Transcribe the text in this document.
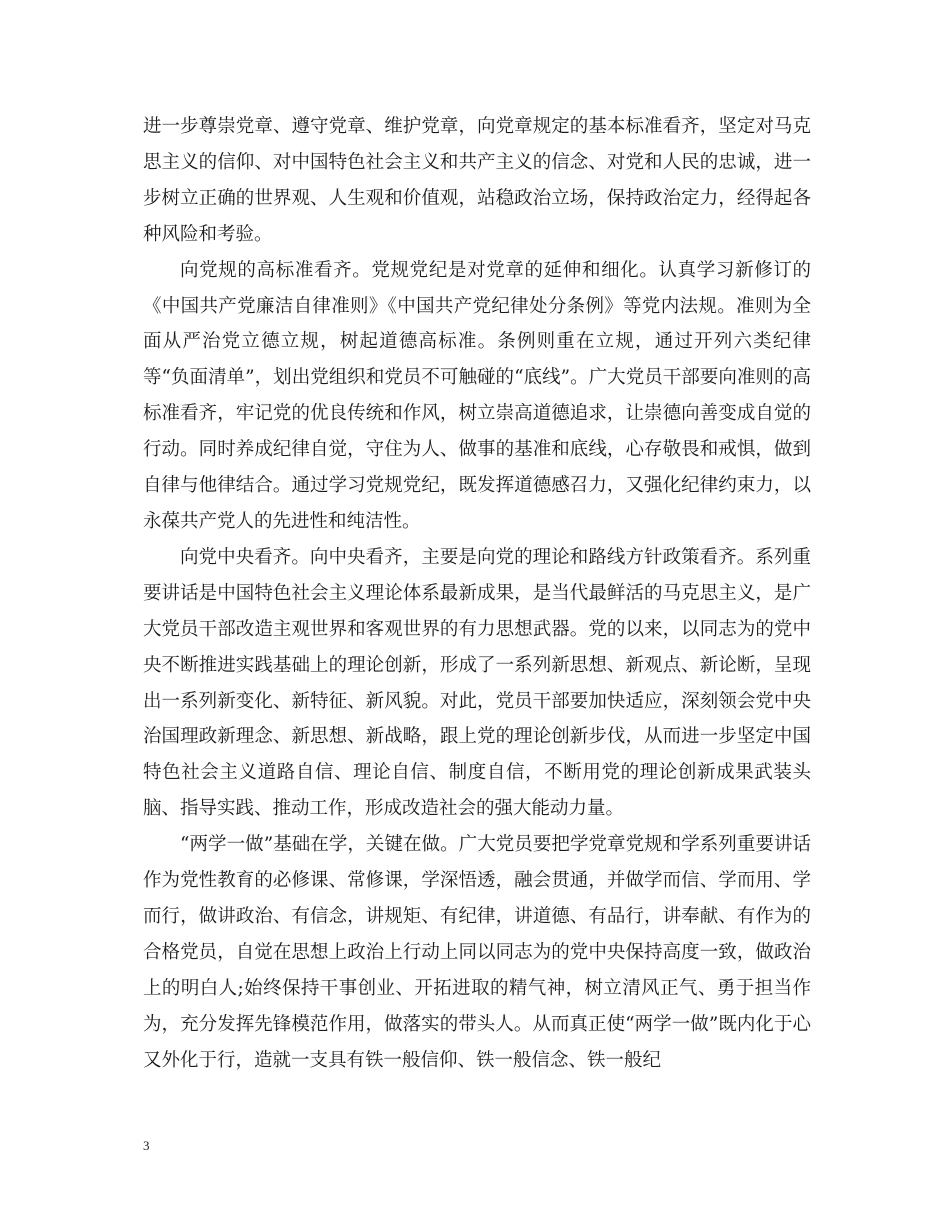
进一步尊崇党章、遵守党章、维护党章，向党章规定的基本标准看齐，坚定对马克思主义的信仰、对中国特色社会主义和共产主义的信念、对党和人民的忠诚，进一步树立正确的世界观、人生观和价值观，站稳政治立场，保持政治定力，经得起各种风险和考验。

向党规的高标准看齐。党规党纪是对党章的延伸和细化。认真学习新修订的《中国共产党廉洁自律准则》《中国共产党纪律处分条例》等党内法规。准则为全面从严治党立德立规，树起道德高标准。条例则重在立规，通过开列六类纪律等“负面清单”，划出党组织和党员不可触碰的“底线”。广大党员干部要向准则的高标准看齐，牢记党的优良传统和作风，树立崇高道德追求，让崇德向善变成自觉的行动。同时养成纪律自觉，守住为人、做事的基准和底线，心存敬畏和戒惧，做到自律与他律结合。通过学习党规党纪，既发挥道德感召力，又强化纪律约束力，以永葆共产党人的先进性和纯洁性。

向党中央看齐。向中央看齐，主要是向党的理论和路线方针政策看齐。系列重要讲话是中国特色社会主义理论体系最新成果，是当代最鲜活的马克思主义，是广大党员干部改造主观世界和客观世界的有力思想武器。党的以来，以同志为的党中央不断推进实践基础上的理论创新，形成了一系列新思想、新观点、新论断，呈现出一系列新变化、新特征、新风貌。对此，党员干部要加快适应，深刻领会党中央治国理政新理念、新思想、新战略，跟上党的理论创新步伐，从而进一步坚定中国特色社会主义道路自信、理论自信、制度自信，不断用党的理论创新成果武装头脑、指导实践、推动工作，形成改造社会的强大能动力量。

“两学一做”基础在学，关键在做。广大党员要把学党章党规和学系列重要讲话作为党性教育的必修课、常修课，学深悟透，融会贯通，并做学而信、学而用、学而行，做讲政治、有信念，讲规矩、有纪律，讲道德、有品行，讲奉献、有作为的合格党员，自觉在思想上政治上行动上同以同志为的党中央保持高度一致，做政治上的明白人;始终保持干事创业、开拓进取的精气神，树立清风正气、勇于担当作为，充分发挥先锋模范作用，做落实的带头人。从而真正使“两学一做”既内化于心又外化于行，造就一支具有铁一般信仰、铁一般信念、铁一般纪

3
